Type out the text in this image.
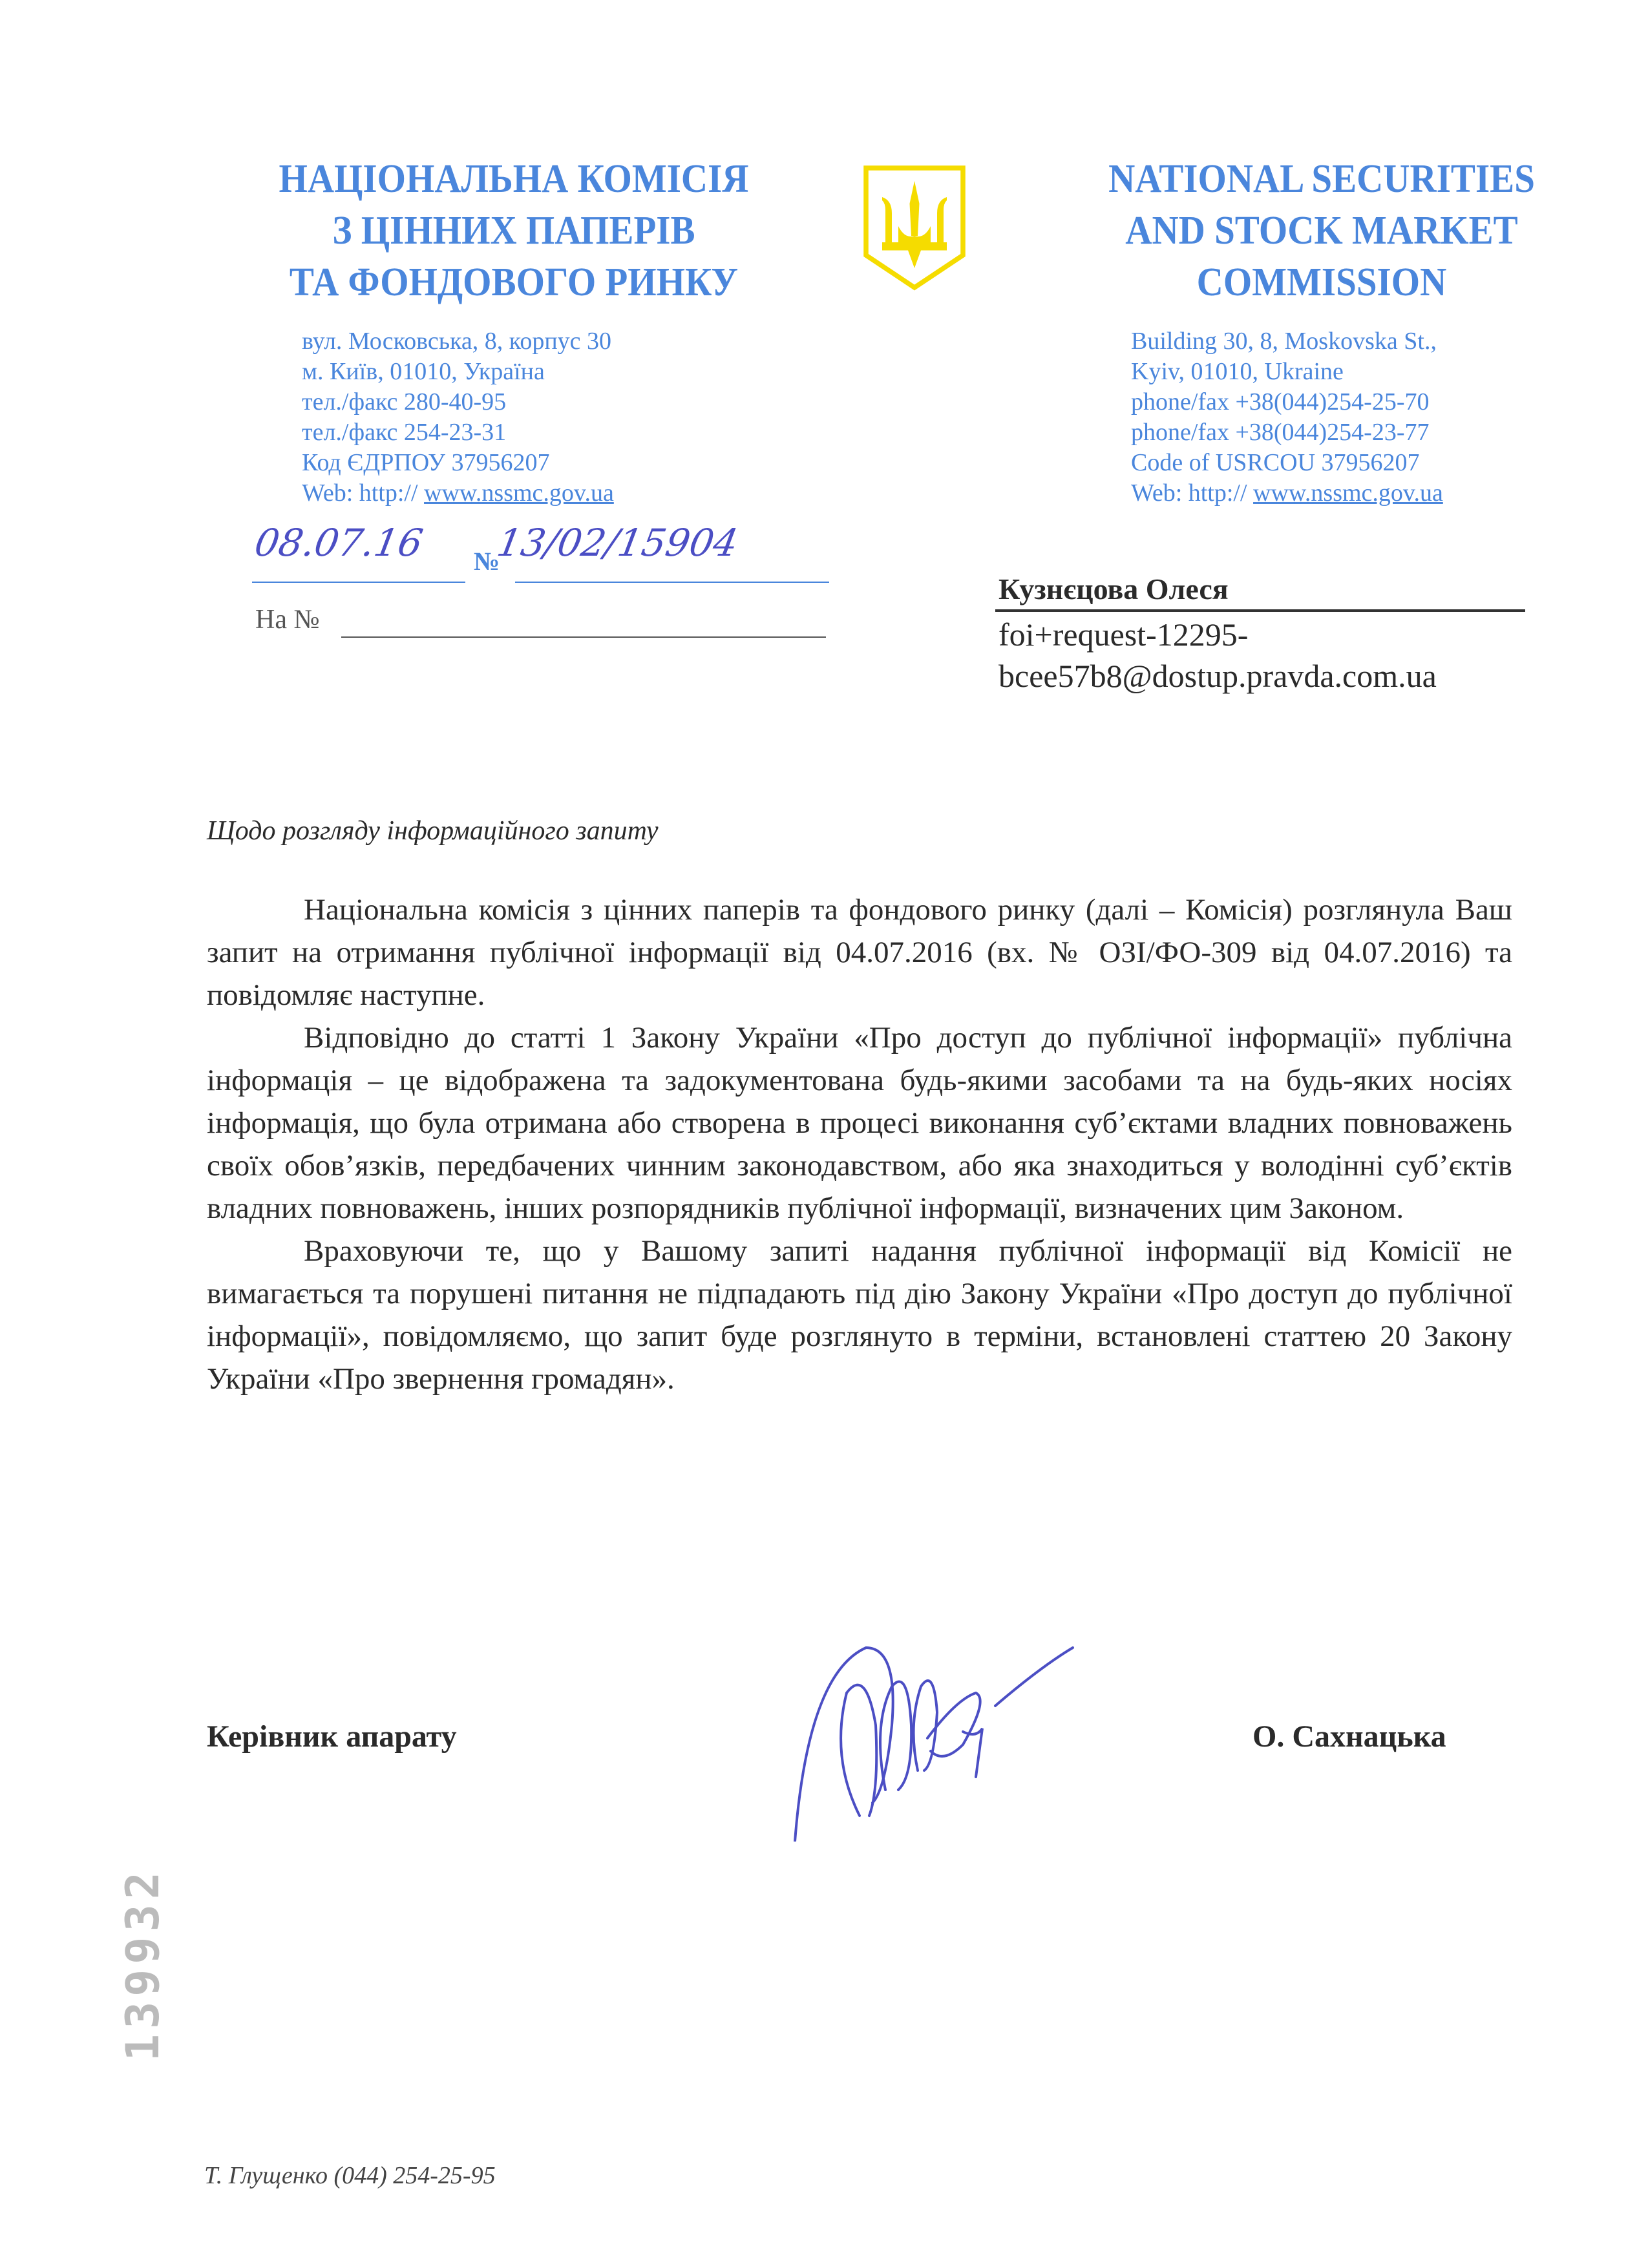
НАЦІОНАЛЬНА КОМІСІЯ
З ЦІННИХ ПАПЕРІВ
ТА ФОНДОВОГО РИНКУ
NATIONAL SECURITIES
AND STOCK MARKET
COMMISSION
вул. Московська, 8, корпус 30
м. Київ, 01010, Україна
тел./факс 280-40-95
тел./факс 254-23-31
Код ЄДРПОУ 37956207
Web: http:// www.nssmc.gov.ua
Building 30, 8, Moskovska St.,
Kyiv, 01010, Ukraine
phone/fax +38(044)254-25-70
phone/fax +38(044)254-23-77
Code of USRCOU 37956207
Web: http:// www.nssmc.gov.ua
08.07.16	№
13/02/15904
На №
Кузнєцова Олеся
foi+request-12295-
bcee57b8@dostup.pravda.com.ua
Щодо розгляду інформаційного запиту

Національна комісія з цінних паперів та фондового ринку (далі – Комісія) розглянула Ваш запит на отримання публічної інформації від 04.07.2016 (вх. № ОЗІ/ФО-309 від 04.07.2016) та повідомляє наступне.

Відповідно до статті 1 Закону України «Про доступ до публічної інформації» публічна інформація – це відображена та задокументована будь-якими засобами та на будь-яких носіях інформація, що була отримана або створена в процесі виконання суб’єктами владних повноважень своїх обов’язків, передбачених чинним законодавством, або яка знаходиться у володінні суб’єктів владних повноважень, інших розпорядників публічної інформації, визначених цим Законом.

Враховуючи те, що у Вашому запиті надання публічної інформації від Комісії не вимагається та порушені питання не підпадають під дію Закону України «Про доступ до публічної інформації», повідомляємо, що запит буде розглянуто в терміни, встановлені статтею 20 Закону України «Про звернення громадян».

Керівник апарату	О. Сахнацька
139932
Т. Глущенко (044) 254-25-95
